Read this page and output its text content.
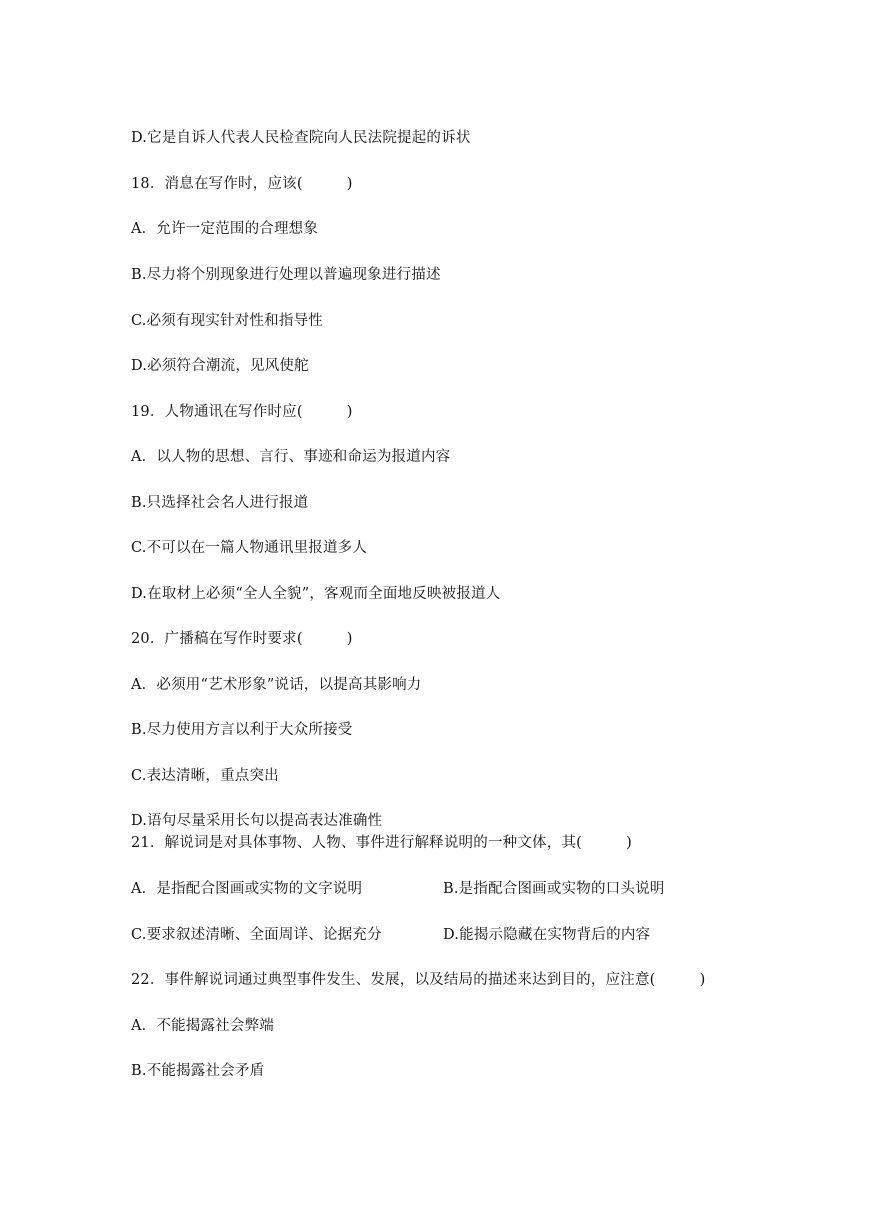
D.它是自诉人代表人民检查院向人民法院提起的诉状
18．消息在写作时，应该(　　　)
A．允许一定范围的合理想象
B.尽力将个别现象进行处理以普遍现象进行描述
C.必须有现实针对性和指导性
D.必须符合潮流，见风使舵
19．人物通讯在写作时应(　　　)
A．以人物的思想、言行、事迹和命运为报道内容
B.只选择社会名人进行报道
C.不可以在一篇人物通讯里报道多人
D.在取材上必须“全人全貌”，客观而全面地反映被报道人
20．广播稿在写作时要求(　　　)
A．必须用“艺术形象”说话，以提高其影响力
B.尽力使用方言以利于大众所接受
C.表达清晰，重点突出
D.语句尽量采用长句以提高表达准确性
21．解说词是对具体事物、人物、事件进行解释说明的一种文体，其(　　　)
A．是指配合图画或实物的文字说明	B.是指配合图画或实物的口头说明
C.要求叙述清晰、全面周详、论据充分	D.能揭示隐藏在实物背后的内容
22．事件解说词通过典型事件发生、发展，以及结局的描述来达到目的，应注意(　　　)
A．不能揭露社会弊端
B.不能揭露社会矛盾
